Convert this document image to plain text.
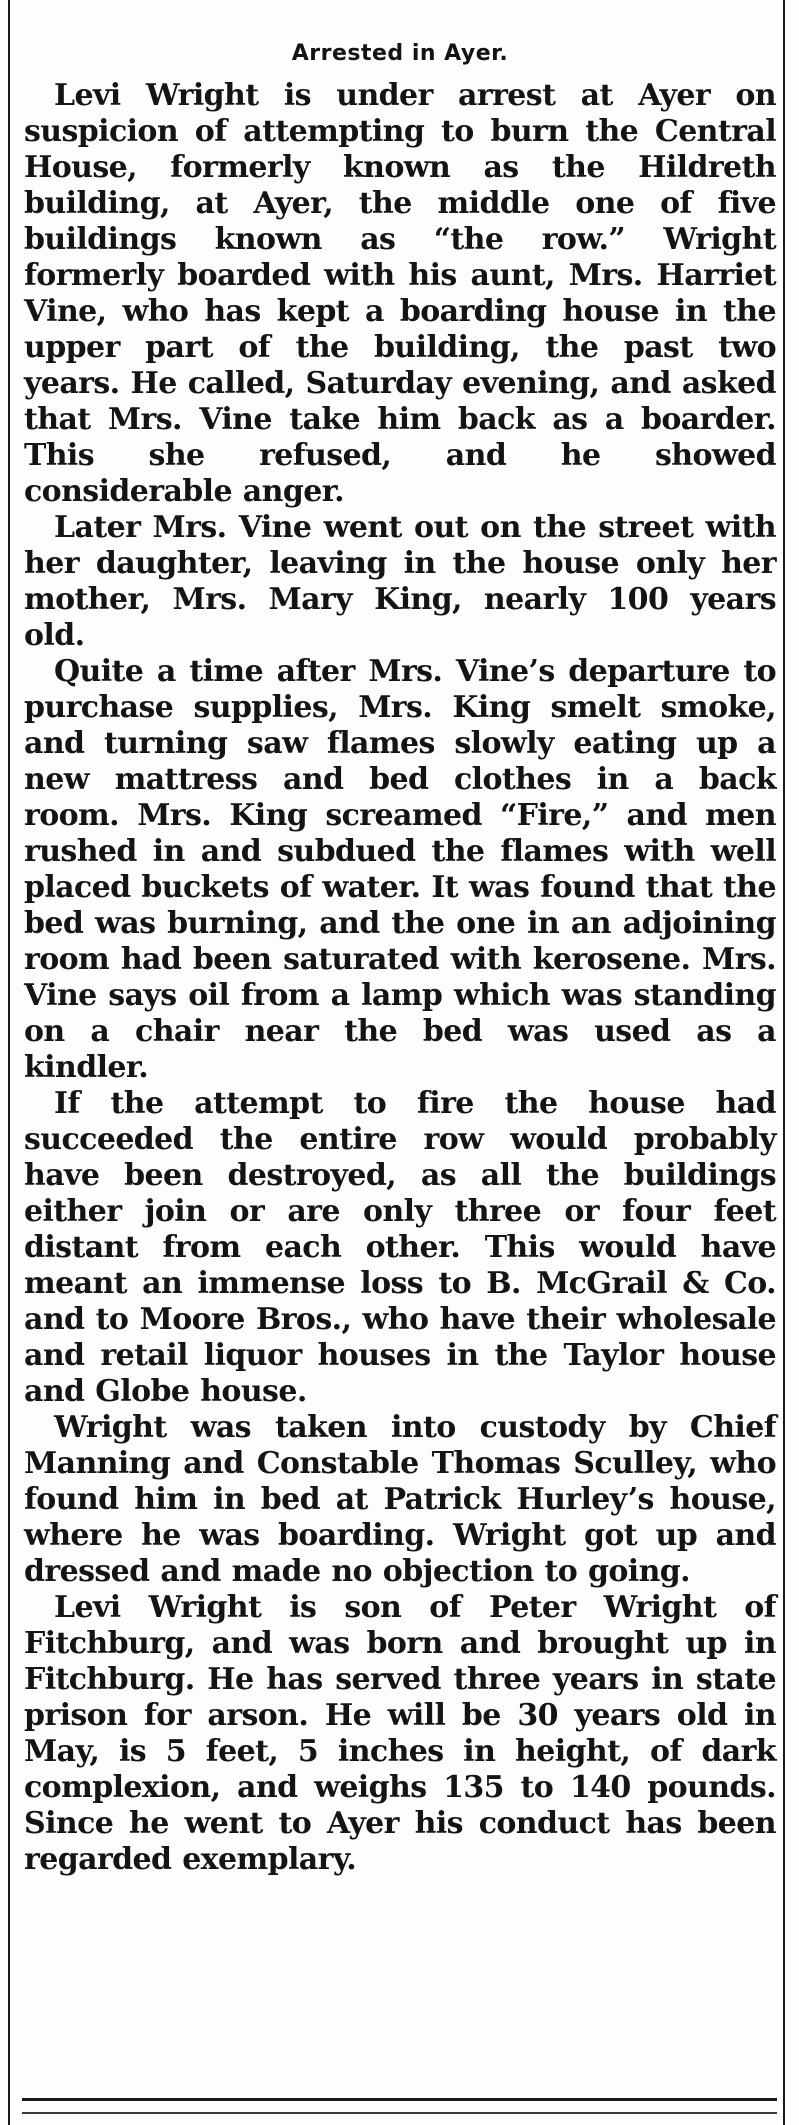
Arrested in Ayer.

Levi Wright is under arrest at Ayer on suspicion of attempting to burn the Central House, formerly known as the Hildreth building, at Ayer, the middle one of five buildings known as “the row.” Wright formerly boarded with his aunt, Mrs. Harriet Vine, who has kept a boarding house in the upper part of the building, the past two years. He called, Saturday evening, and asked that Mrs. Vine take him back as a boarder. This she refused, and he showed considerable anger.

Later Mrs. Vine went out on the street with her daughter, leaving in the house only her mother, Mrs. Mary King, nearly 100 years old.

Quite a time after Mrs. Vine’s departure to purchase supplies, Mrs. King smelt smoke, and turning saw flames slowly eating up a new mattress and bed clothes in a back room. Mrs. King screamed “Fire,” and men rushed in and subdued the flames with well placed buckets of water. It was found that the bed was burning, and the one in an adjoining room had been saturated with kerosene. Mrs. Vine says oil from a lamp which was standing on a chair near the bed was used as a kindler.

If the attempt to fire the house had succeeded the entire row would probably have been destroyed, as all the buildings either join or are only three or four feet distant from each other. This would have meant an immense loss to B. McGrail & Co. and to Moore Bros., who have their wholesale and retail liquor houses in the Taylor house and Globe house.

Wright was taken into custody by Chief Manning and Constable Thomas Sculley, who found him in bed at Patrick Hurley’s house, where he was boarding. Wright got up and dressed and made no objection to going.

Levi Wright is son of Peter Wright of Fitchburg, and was born and brought up in Fitchburg. He has served three years in state prison for arson. He will be 30 years old in May, is 5 feet, 5 inches in height, of dark complexion, and weighs 135 to 140 pounds. Since he went to Ayer his conduct has been regarded exemplary.
